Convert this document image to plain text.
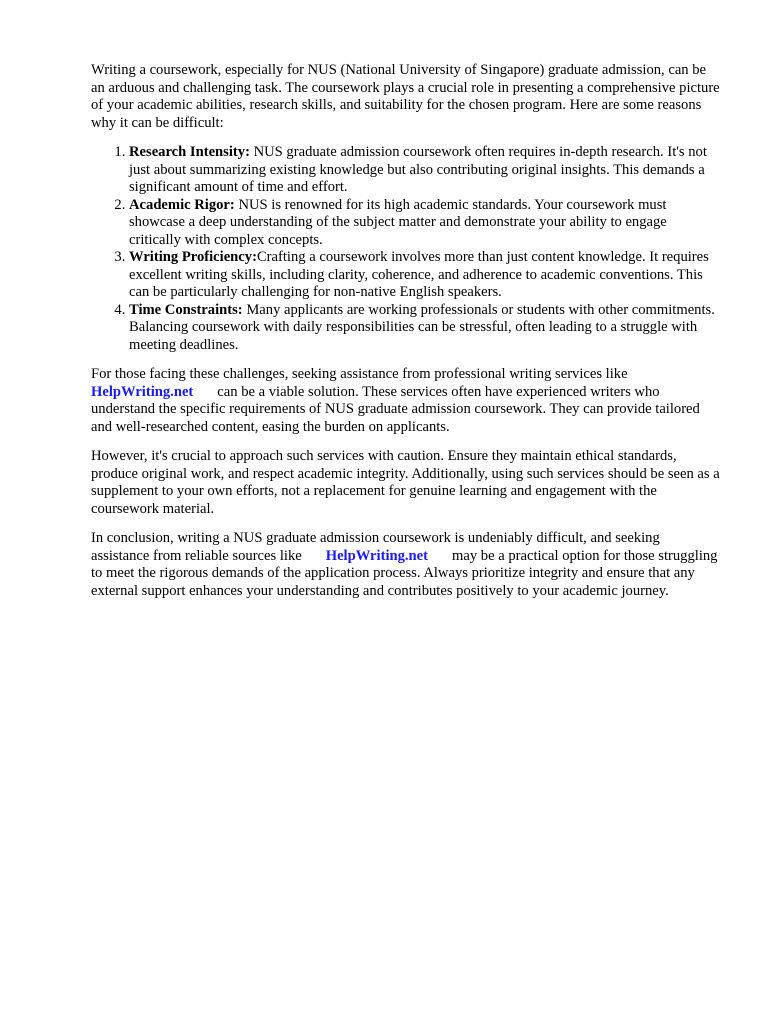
Writing a coursework, especially for NUS (National University of Singapore) graduate admission, can be an arduous and challenging task. The coursework plays a crucial role in presenting a comprehensive picture of your academic abilities, research skills, and suitability for the chosen program. Here are some reasons why it can be difficult:

1. Research Intensity: NUS graduate admission coursework often requires in-depth research. It's not just about summarizing existing knowledge but also contributing original insights. This demands a significant amount of time and effort.
2. Academic Rigor: NUS is renowned for its high academic standards. Your coursework must showcase a deep understanding of the subject matter and demonstrate your ability to engage critically with complex concepts.
3. Writing Proficiency:Crafting a coursework involves more than just content knowledge. It requires excellent writing skills, including clarity, coherence, and adherence to academic conventions. This can be particularly challenging for non-native English speakers.
4. Time Constraints: Many applicants are working professionals or students with other commitments. Balancing coursework with daily responsibilities can be stressful, often leading to a struggle with meeting deadlines.

For those facing these challenges, seeking assistance from professional writing services like
HelpWriting.net can be a viable solution. These services often have experienced writers who understand the specific requirements of NUS graduate admission coursework. They can provide tailored and well-researched content, easing the burden on applicants.

However, it's crucial to approach such services with caution. Ensure they maintain ethical standards, produce original work, and respect academic integrity. Additionally, using such services should be seen as a supplement to your own efforts, not a replacement for genuine learning and engagement with the coursework material.

In conclusion, writing a NUS graduate admission coursework is undeniably difficult, and seeking assistance from reliable sources like HelpWriting.net may be a practical option for those struggling to meet the rigorous demands of the application process. Always prioritize integrity and ensure that any external support enhances your understanding and contributes positively to your academic journey.
